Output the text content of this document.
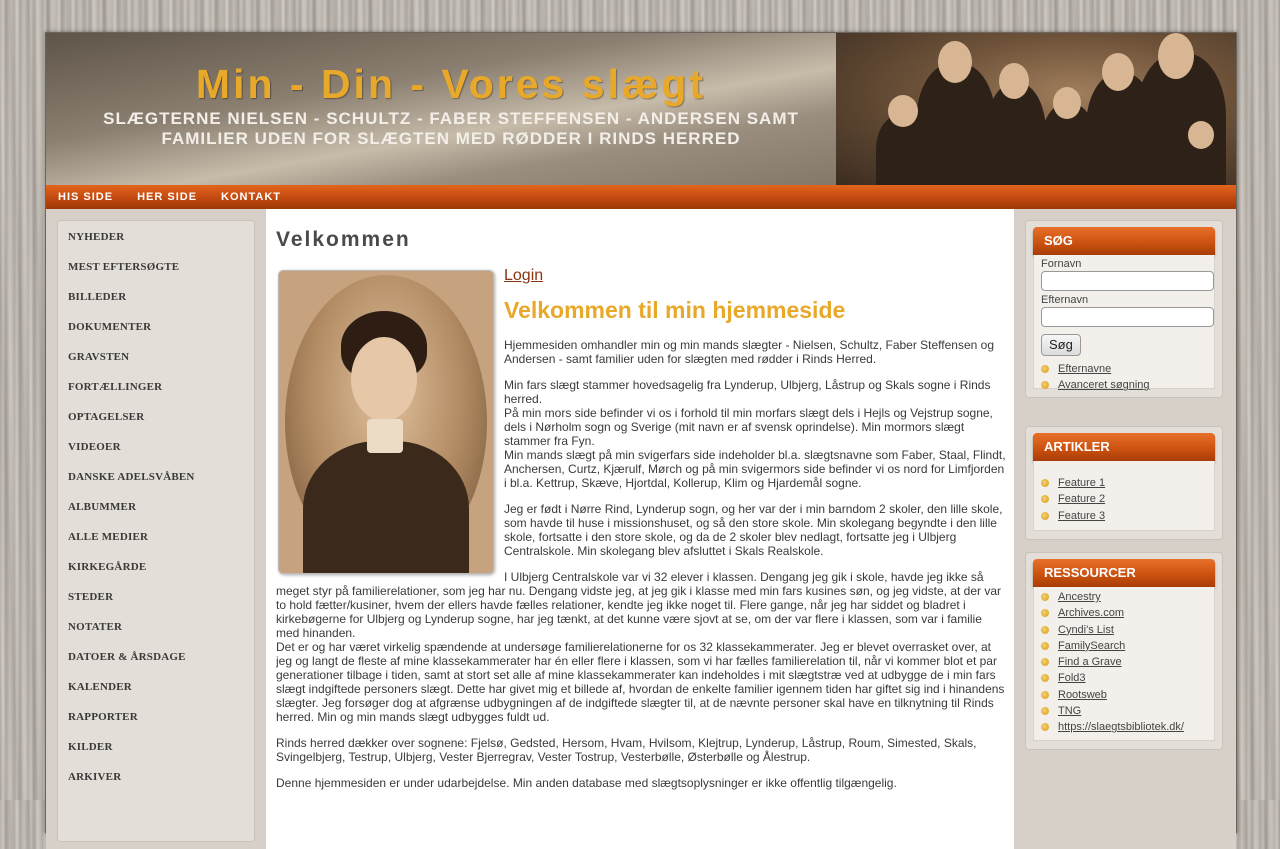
Min - Din - Vores slægt
SLÆGTERNE NIELSEN - SCHULTZ - FABER STEFFENSEN - ANDERSEN SAMT FAMILIER UDEN FOR SLÆGTEN MED RØDDER I RINDS HERRED
HIS SIDE HER SIDE KONTAKT
NYHEDER
MEST EFTERSØGTE
BILLEDER
DOKUMENTER
GRAVSTEN
FORTÆLLINGER
OPTAGELSER
VIDEOER
DANSKE ADELSVÅBEN
ALBUMMER
ALLE MEDIER
KIRKEGÅRDE
STEDER
NOTATER
DATOER & ÅRSDAGE
KALENDER
RAPPORTER
KILDER
ARKIVER
Velkommen
Login
Velkommen til min hjemmeside

Hjemmesiden omhandler min og min mands slægter - Nielsen, Schultz, Faber Steffensen og Andersen - samt familier uden for slægten med rødder i Rinds Herred.

Min fars slægt stammer hovedsagelig fra Lynderup, Ulbjerg, Låstrup og Skals sogne i Rinds herred.
På min mors side befinder vi os i forhold til min morfars slægt dels i Hejls og Vejstrup sogne, dels i Nørholm sogn og Sverige (mit navn er af svensk oprindelse). Min mormors slægt stammer fra Fyn.
Min mands slægt på min svigerfars side indeholder bl.a. slægtsnavne som Faber, Staal, Flindt, Anchersen, Curtz, Kjærulf, Mørch og på min svigermors side befinder vi os nord for Limfjorden i bl.a. Kettrup, Skæve, Hjortdal, Kollerup, Klim og Hjardemål sogne.

Jeg er født i Nørre Rind, Lynderup sogn, og her var der i min barndom 2 skoler, den lille skole, som havde til huse i missionshuset, og så den store skole. Min skolegang begyndte i den lille skole, fortsatte i den store skole, og da de 2 skoler blev nedlagt, fortsatte jeg i Ulbjerg Centralskole. Min skolegang blev afsluttet i Skals Realskole.

I Ulbjerg Centralskole var vi 32 elever i klassen. Dengang jeg gik i skole, havde jeg ikke så meget styr på familierelationer, som jeg har nu. Dengang vidste jeg, at jeg gik i klasse med min fars kusines søn, og jeg vidste, at der var to hold fætter/kusiner, hvem der ellers havde fælles relationer, kendte jeg ikke noget til. Flere gange, når jeg har siddet og bladret i kirkebøgerne for Ulbjerg og Lynderup sogne, har jeg tænkt, at det kunne være sjovt at se, om der var flere i klassen, som var i familie med hinanden.
Det er og har været virkelig spændende at undersøge familierelationerne for os 32 klassekammerater. Jeg er blevet overrasket over, at jeg og langt de fleste af mine klassekammerater har én eller flere i klassen, som vi har fælles familierelation til, når vi kommer blot et par generationer tilbage i tiden, samt at stort set alle af mine klassekammerater kan indeholdes i mit slægtstræ ved at udbygge de i min fars slægt indgiftede personers slægt. Dette har givet mig et billede af, hvordan de enkelte familier igennem tiden har giftet sig ind i hinandens slægter. Jeg forsøger dog at afgrænse udbygningen af de indgiftede slægter til, at de nævnte personer skal have en tilknytning til Rinds herred. Min og min mands slægt udbygges fuldt ud.

Rinds herred dækker over sognene: Fjelsø, Gedsted, Hersom, Hvam, Hvilsom, Klejtrup, Lynderup, Låstrup, Roum, Simested, Skals, Svingelbjerg, Testrup, Ulbjerg, Vester Bjerregrav, Vester Tostrup, Vesterbølle, Østerbølle og Ålestrup.

Denne hjemmesiden er under udarbejdelse. Min anden database med slægtsoplysninger er ikke offentlig tilgængelig.

SØG
Fornavn
Efternavn
Søg
Efternavne
Avanceret søgning
ARTIKLER
Feature 1
Feature 2
Feature 3
RESSOURCER
Ancestry
Archives.com
Cyndi's List
FamilySearch
Find a Grave
Fold3
Rootsweb
TNG
https://slaegtsbibliotek.dk/
